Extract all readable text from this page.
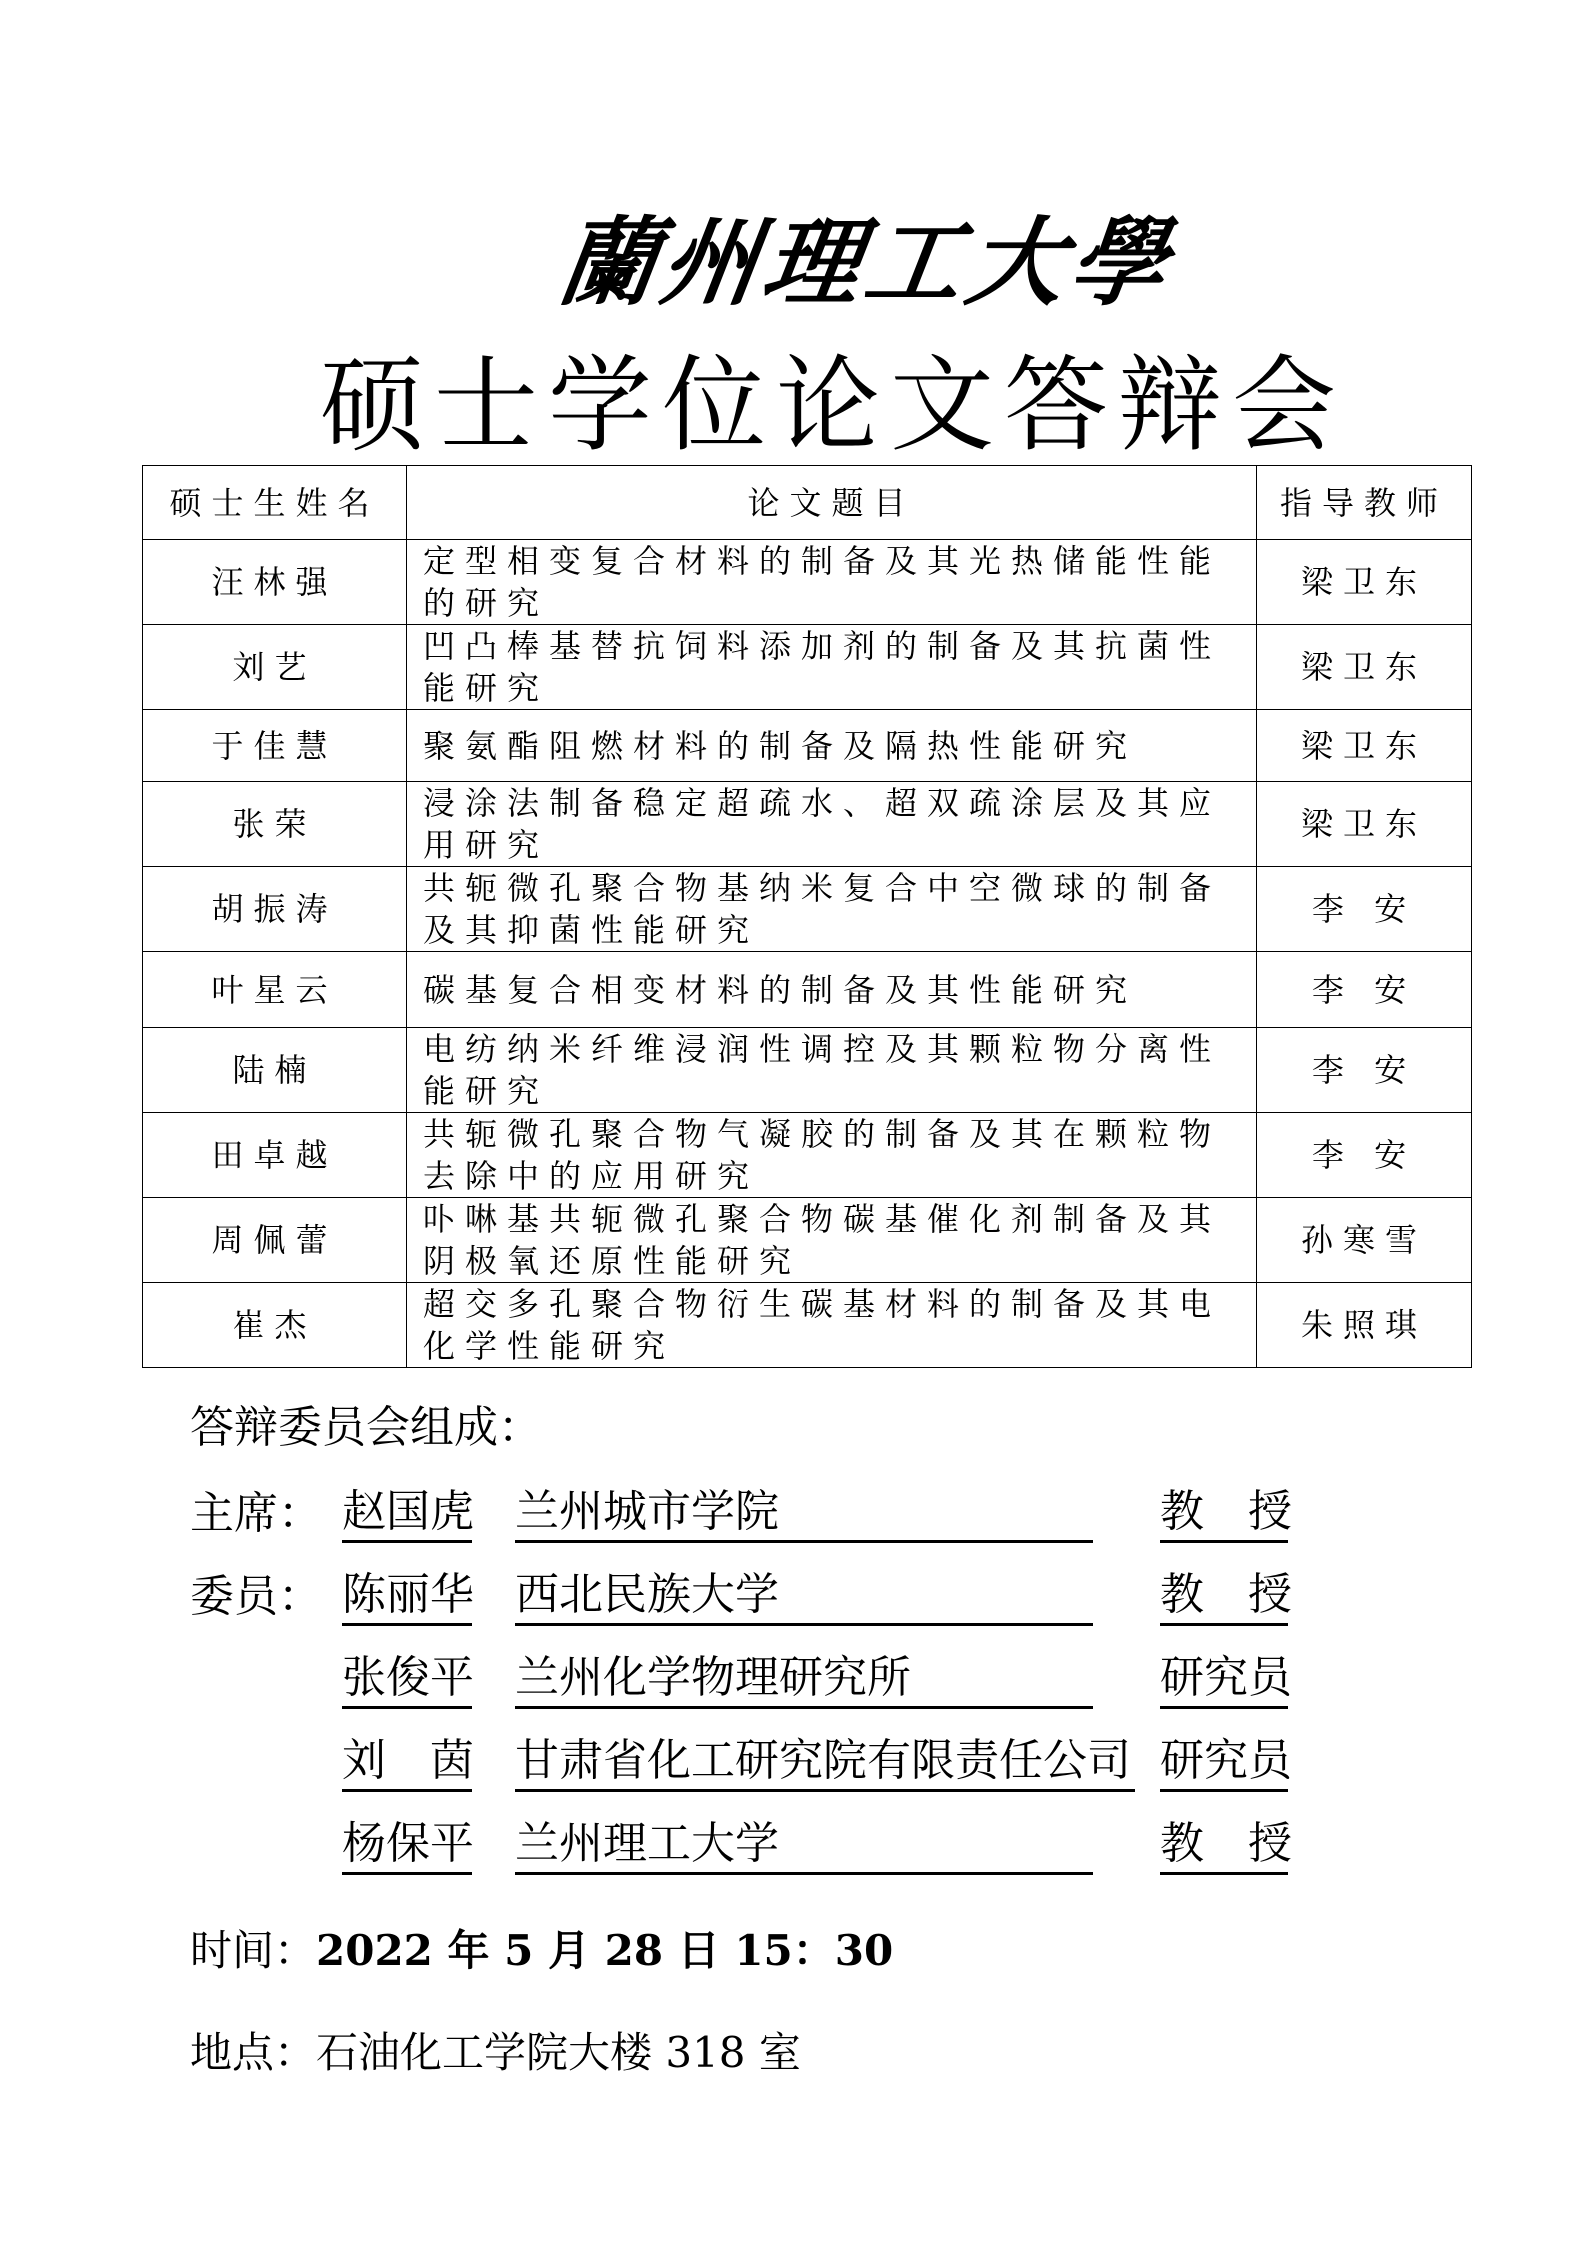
蘭州理工大學
硕士学位论文答辩会
硕士生姓名	论文题目	指导教师
汪林强	定型相变复合材料的制备及其光热储能性能的研究	梁卫东
刘艺	凹凸棒基替抗饲料添加剂的制备及其抗菌性能研究	梁卫东
于佳慧	聚氨酯阻燃材料的制备及隔热性能研究	梁卫东
张荣	浸涂法制备稳定超疏水、超双疏涂层及其应用研究	梁卫东
胡振涛	共轭微孔聚合物基纳米复合中空微球的制备及其抑菌性能研究	李 安
叶星云	碳基复合相变材料的制备及其性能研究	李 安
陆楠	电纺纳米纤维浸润性调控及其颗粒物分离性能研究	李 安
田卓越	共轭微孔聚合物气凝胶的制备及其在颗粒物去除中的应用研究	李 安
周佩蕾	卟啉基共轭微孔聚合物碳基催化剂制备及其阴极氧还原性能研究	孙寒雪
崔杰	超交多孔聚合物衍生碳基材料的制备及其电化学性能研究	朱照琪
答辩委员会组成：
主席： 赵国虎 兰州城市学院	教　授
委员： 陈丽华 西北民族大学	教　授
张俊平 兰州化学物理研究所	研究员
刘　茵 甘肃省化工研究院有限责任公司 研究员
杨保平 兰州理工大学	教　授
时间：2022 年 5 月 28 日 15：30
地点：石油化工学院大楼 318 室
